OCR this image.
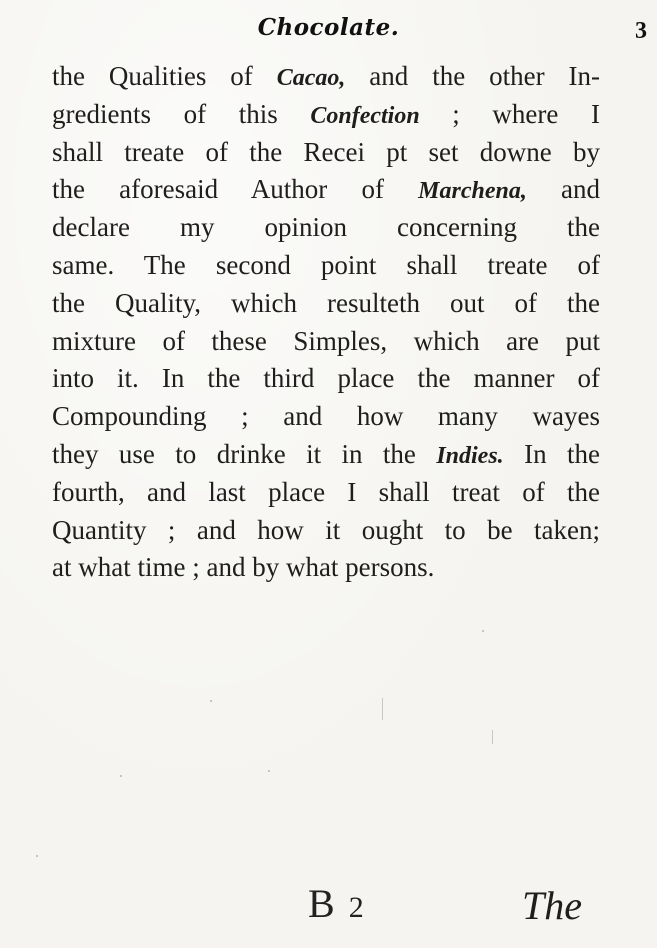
Chocolate.	3
the Qualities of Cacao, and the other In-
gredients of this Confection ; where I
shall treate of the Recei pt set downe by
the aforesaid Author of Marchena, and
declare my opinion concerning the
same. The second point shall treate of
the Quality, which resulteth out of the
mixture of these Simples, which are put
into it. In the third place the manner of
Compounding ; and how many wayes
they use to drinke it in the Indies. In the
fourth, and last place I shall treat of the
Quantity ; and how it ought to be taken;
at what time ; and by what persons.
B 2	The
